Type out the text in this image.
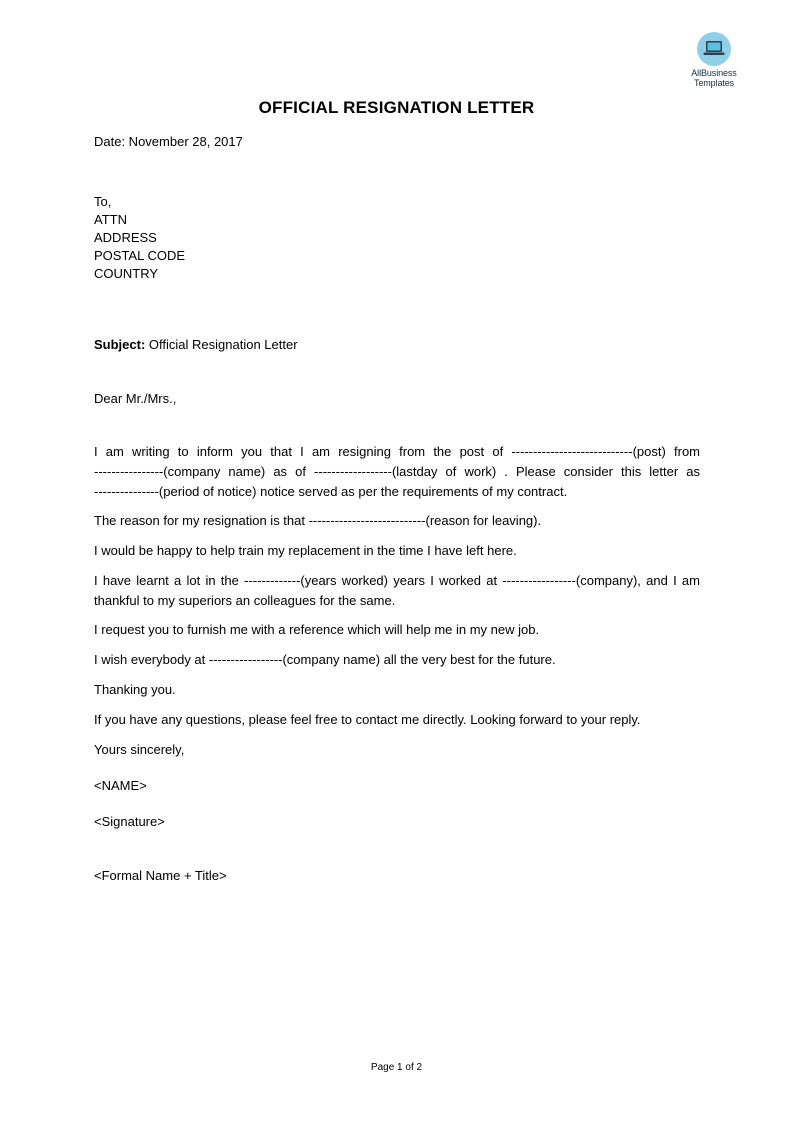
AllBusiness
Templates
OFFICIAL RESIGNATION LETTER
Date: November 28, 2017
To,
ATTN
ADDRESS
POSTAL CODE
COUNTRY
Subject: Official Resignation Letter
Dear Mr./Mrs.,
I am writing to inform you that I am resigning from the post of ----------------------------(post) from
----------------(company name) as of ------------------(lastday of work) . Please consider this letter as
---------------(period of notice) notice served as per the requirements of my contract.
The reason for my resignation is that ---------------------------(reason for leaving).
I would be happy to help train my replacement in the time I have left here.
I have learnt a lot in the -------------(years worked) years I worked at -----------------(company), and I am
thankful to my superiors an colleagues for the same.
I request you to furnish me with a reference which will help me in my new job.
I wish everybody at -----------------(company name) all the very best for the future.
Thanking you.
If you have any questions, please feel free to contact me directly. Looking forward to your reply.
Yours sincerely,
<NAME>
<Signature>
<Formal Name + Title>
Page 1 of 2
